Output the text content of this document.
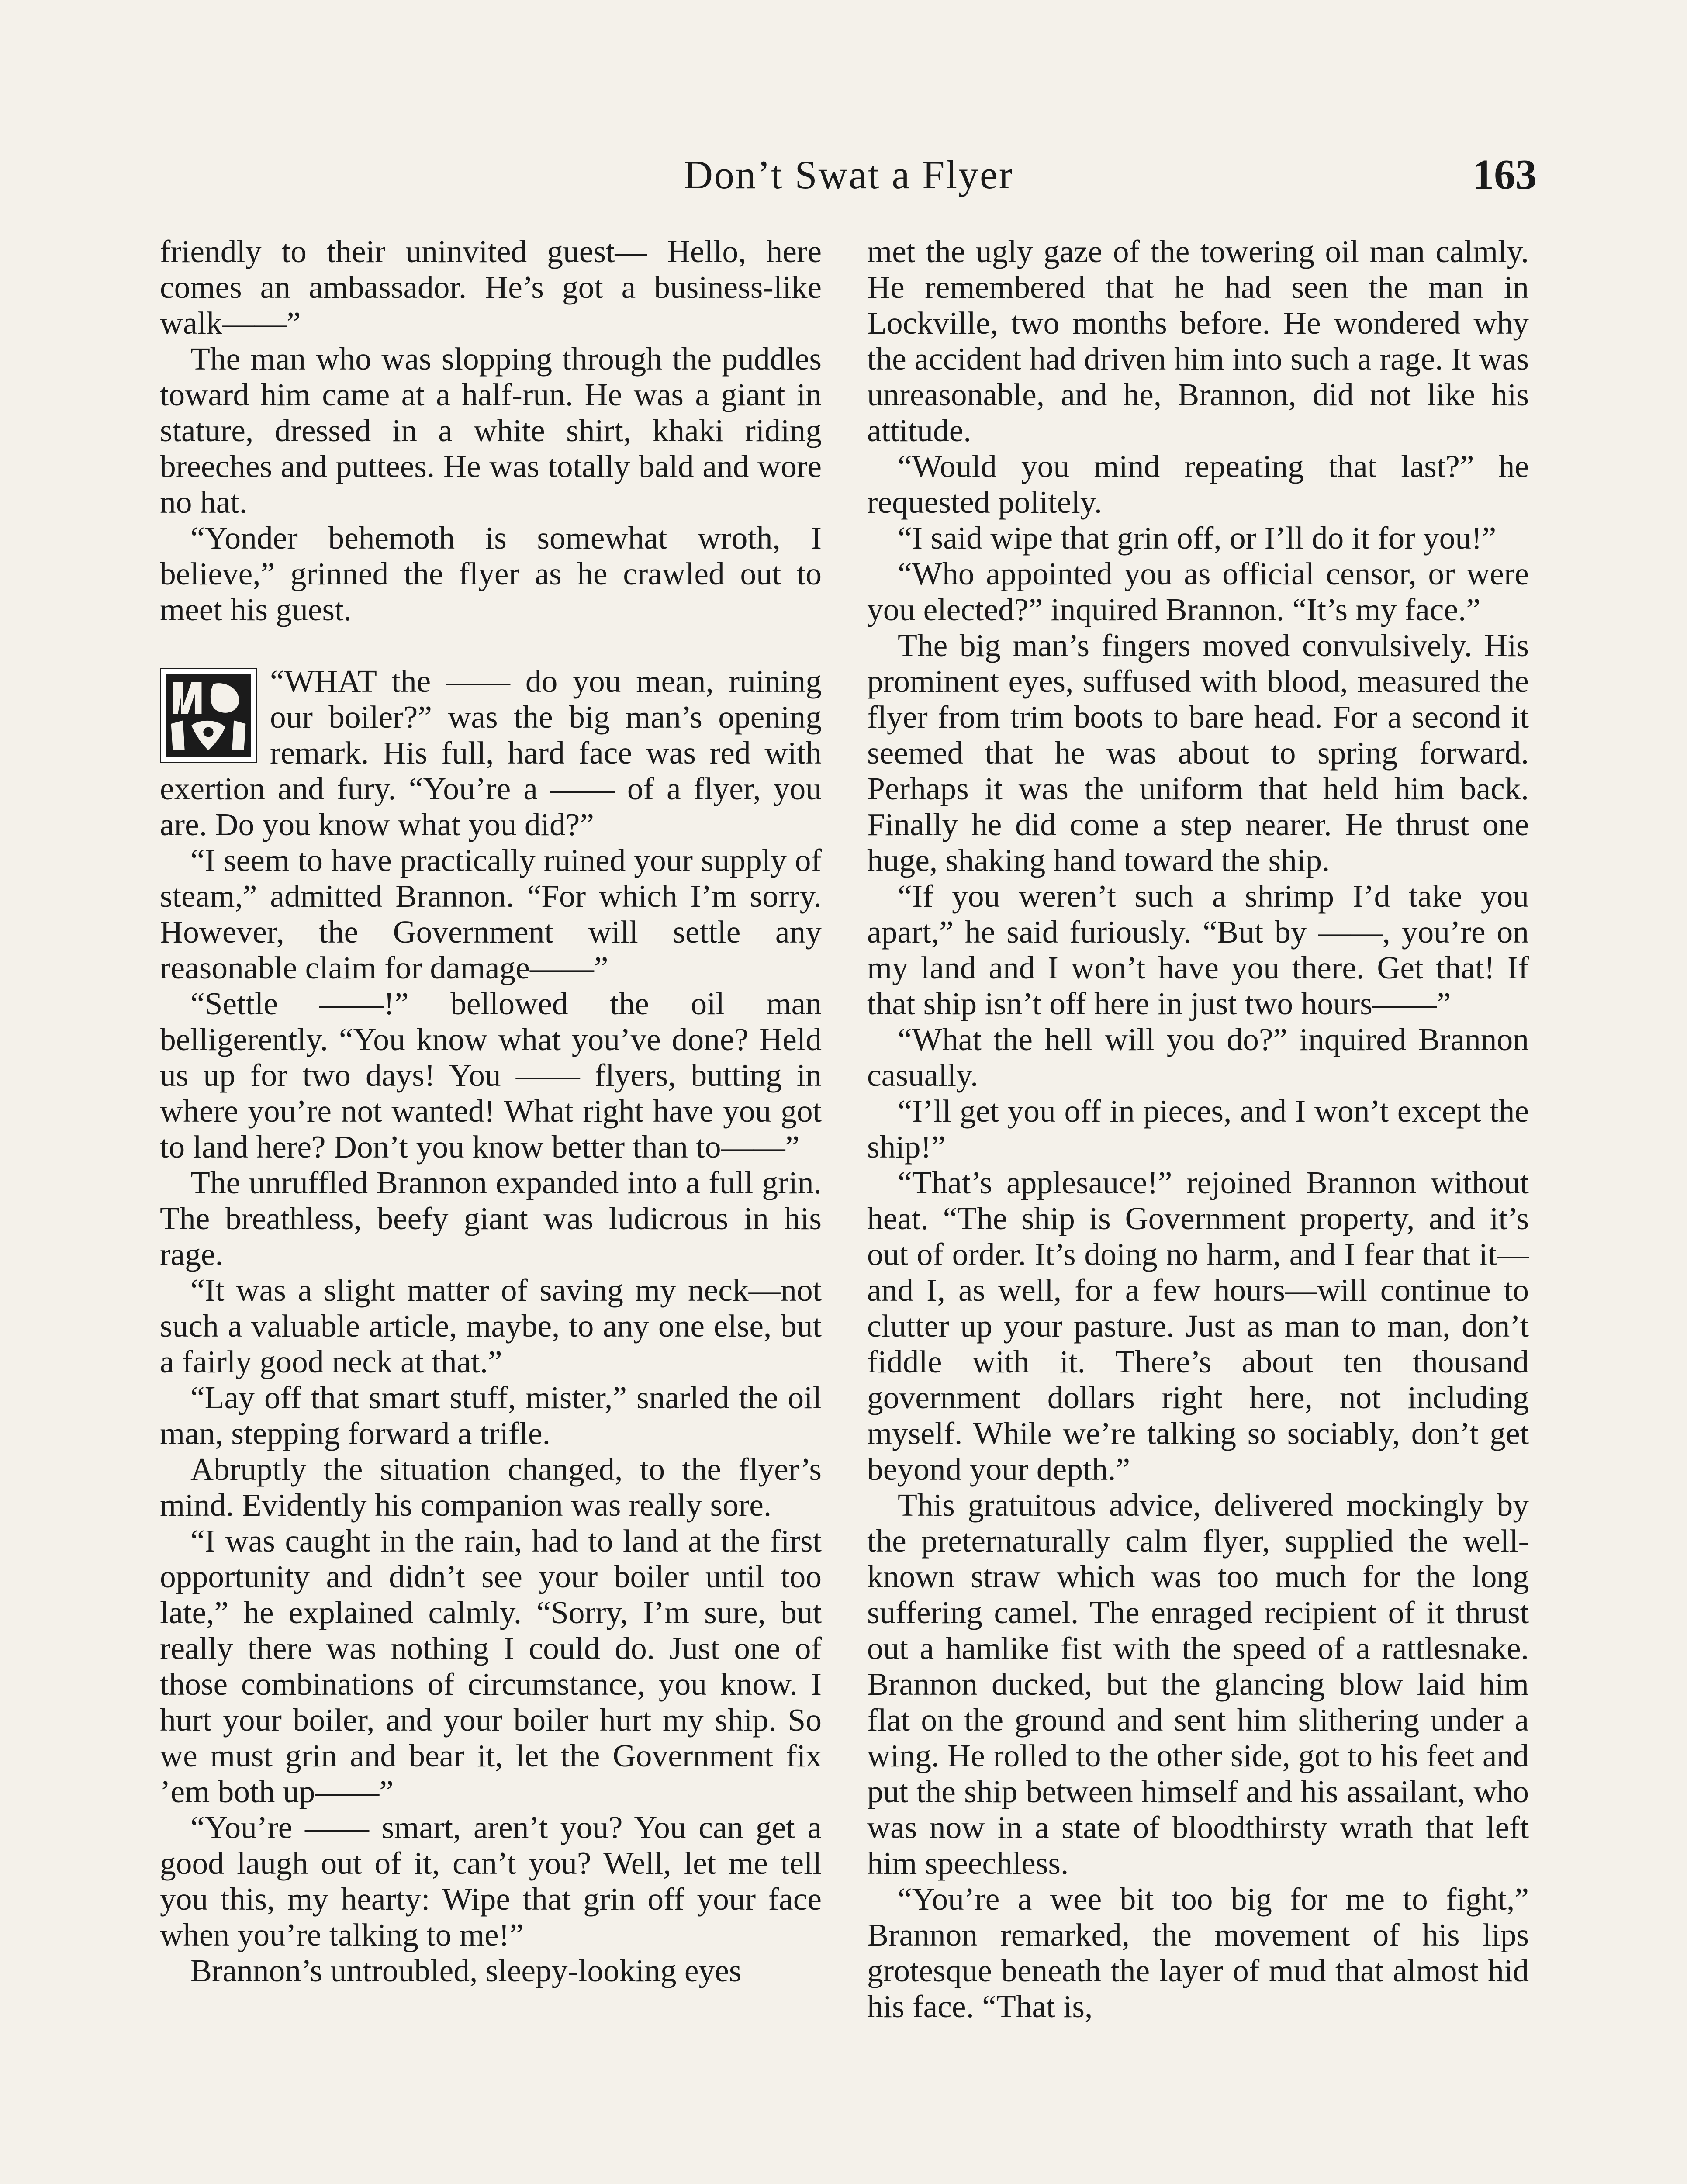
Don’t Swat a Flyer	163

friendly to their uninvited guest— Hello, here comes an ambassador. He’s got a business-like walk——”

The man who was slopping through the puddles toward him came at a half-run. He was a giant in stature, dressed in a white shirt, khaki riding breeches and puttees. He was totally bald and wore no hat.

“Yonder behemoth is somewhat wroth, I believe,” grinned the flyer as he crawled out to meet his guest.

“WHAT the —— do you mean, ruining our boiler?” was the big man’s opening remark. His full, hard face was red with exertion and fury. “You’re a —— of a flyer, you are. Do you know what you did?”

“I seem to have practically ruined your supply of steam,” admitted Brannon. “For which I’m sorry. However, the Government will settle any reasonable claim for damage——”

“Settle ——!” bellowed the oil man belligerently. “You know what you’ve done? Held us up for two days! You —— flyers, butting in where you’re not wanted! What right have you got to land here? Don’t you know better than to——”

The unruffled Brannon expanded into a full grin. The breathless, beefy giant was ludicrous in his rage.

“It was a slight matter of saving my neck—not such a valuable article, maybe, to any one else, but a fairly good neck at that.”

“Lay off that smart stuff, mister,” snarled the oil man, stepping forward a trifle.

Abruptly the situation changed, to the flyer’s mind. Evidently his companion was really sore.

“I was caught in the rain, had to land at the first opportunity and didn’t see your boiler until too late,” he explained calmly. “Sorry, I’m sure, but really there was nothing I could do. Just one of those combinations of circumstance, you know. I hurt your boiler, and your boiler hurt my ship. So we must grin and bear it, let the Government fix ’em both up——”

“You’re —— smart, aren’t you? You can get a good laugh out of it, can’t you? Well, let me tell you this, my hearty: Wipe that grin off your face when you’re talking to me!”

Brannon’s untroubled, sleepy-looking eyes

met the ugly gaze of the towering oil man calmly. He remembered that he had seen the man in Lockville, two months before. He wondered why the accident had driven him into such a rage. It was unreasonable, and he, Brannon, did not like his attitude.

“Would you mind repeating that last?” he requested politely.

“I said wipe that grin off, or I’ll do it for you!”

“Who appointed you as official censor, or were you elected?” inquired Brannon. “It’s my face.”

The big man’s fingers moved convulsively. His prominent eyes, suffused with blood, measured the flyer from trim boots to bare head. For a second it seemed that he was about to spring forward. Perhaps it was the uniform that held him back. Finally he did come a step nearer. He thrust one huge, shaking hand toward the ship.

“If you weren’t such a shrimp I’d take you apart,” he said furiously. “But by ——, you’re on my land and I won’t have you there. Get that! If that ship isn’t off here in just two hours——”

“What the hell will you do?” inquired Brannon casually.

“I’ll get you off in pieces, and I won’t except the ship!”

“That’s applesauce!” rejoined Brannon without heat. “The ship is Government property, and it’s out of order. It’s doing no harm, and I fear that it—and I, as well, for a few hours—will continue to clutter up your pasture. Just as man to man, don’t fiddle with it. There’s about ten thousand government dollars right here, not including myself. While we’re talking so sociably, don’t get beyond your depth.”

This gratuitous advice, delivered mockingly by the preternaturally calm flyer, supplied the well-known straw which was too much for the long suffering camel. The enraged recipient of it thrust out a hamlike fist with the speed of a rattlesnake. Brannon ducked, but the glancing blow laid him flat on the ground and sent him slithering under a wing. He rolled to the other side, got to his feet and put the ship between himself and his assailant, who was now in a state of bloodthirsty wrath that left him speechless.

“You’re a wee bit too big for me to fight,” Brannon remarked, the movement of his lips grotesque beneath the layer of mud that almost hid his face. “That is,
